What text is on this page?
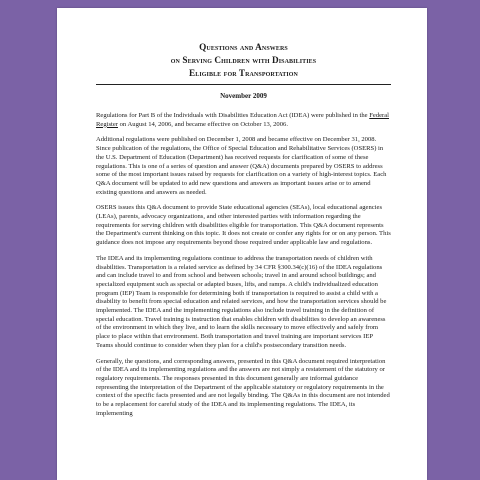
Questions and Answers
on Serving Children with Disabilities
Eligible for Transportation
November 2009

Regulations for Part B of the Individuals with Disabilities Education Act (IDEA) were published in the Federal Register on August 14, 2006, and became effective on October 13, 2006.

Additional regulations were published on December 1, 2008 and became effective on December 31, 2008. Since publication of the regulations, the Office of Special Education and Rehabilitative Services (OSERS) in the U.S. Department of Education (Department) has received requests for clarification of some of these regulations. This is one of a series of question and answer (Q&A) documents prepared by OSERS to address some of the most important issues raised by requests for clarification on a variety of high-interest topics. Each Q&A document will be updated to add new questions and answers as important issues arise or to amend existing questions and answers as needed.

OSERS issues this Q&A document to provide State educational agencies (SEAs), local educational agencies (LEAs), parents, advocacy organizations, and other interested parties with information regarding the requirements for serving children with disabilities eligible for transportation. This Q&A document represents the Department's current thinking on this topic. It does not create or confer any rights for or on any person. This guidance does not impose any requirements beyond those required under applicable law and regulations.

The IDEA and its implementing regulations continue to address the transportation needs of children with disabilities. Transportation is a related service as defined by 34 CFR §300.34(c)(16) of the IDEA regulations and can include travel to and from school and between schools; travel in and around school buildings; and specialized equipment such as special or adapted buses, lifts, and ramps. A child's individualized education program (IEP) Team is responsible for determining both if transportation is required to assist a child with a disability to benefit from special education and related services, and how the transportation services should be implemented. The IDEA and the implementing regulations also include travel training in the definition of special education. Travel training is instruction that enables children with disabilities to develop an awareness of the environment in which they live, and to learn the skills necessary to move effectively and safely from place to place within that environment. Both transportation and travel training are important services IEP Teams should continue to consider when they plan for a child's postsecondary transition needs.

Generally, the questions, and corresponding answers, presented in this Q&A document required interpretation of the IDEA and its implementing regulations and the answers are not simply a restatement of the statutory or regulatory requirements. The responses presented in this document generally are informal guidance representing the interpretation of the Department of the applicable statutory or regulatory requirements in the context of the specific facts presented and are not legally binding. The Q&As in this document are not intended to be a replacement for careful study of the IDEA and its implementing regulations. The IDEA, its implementing
